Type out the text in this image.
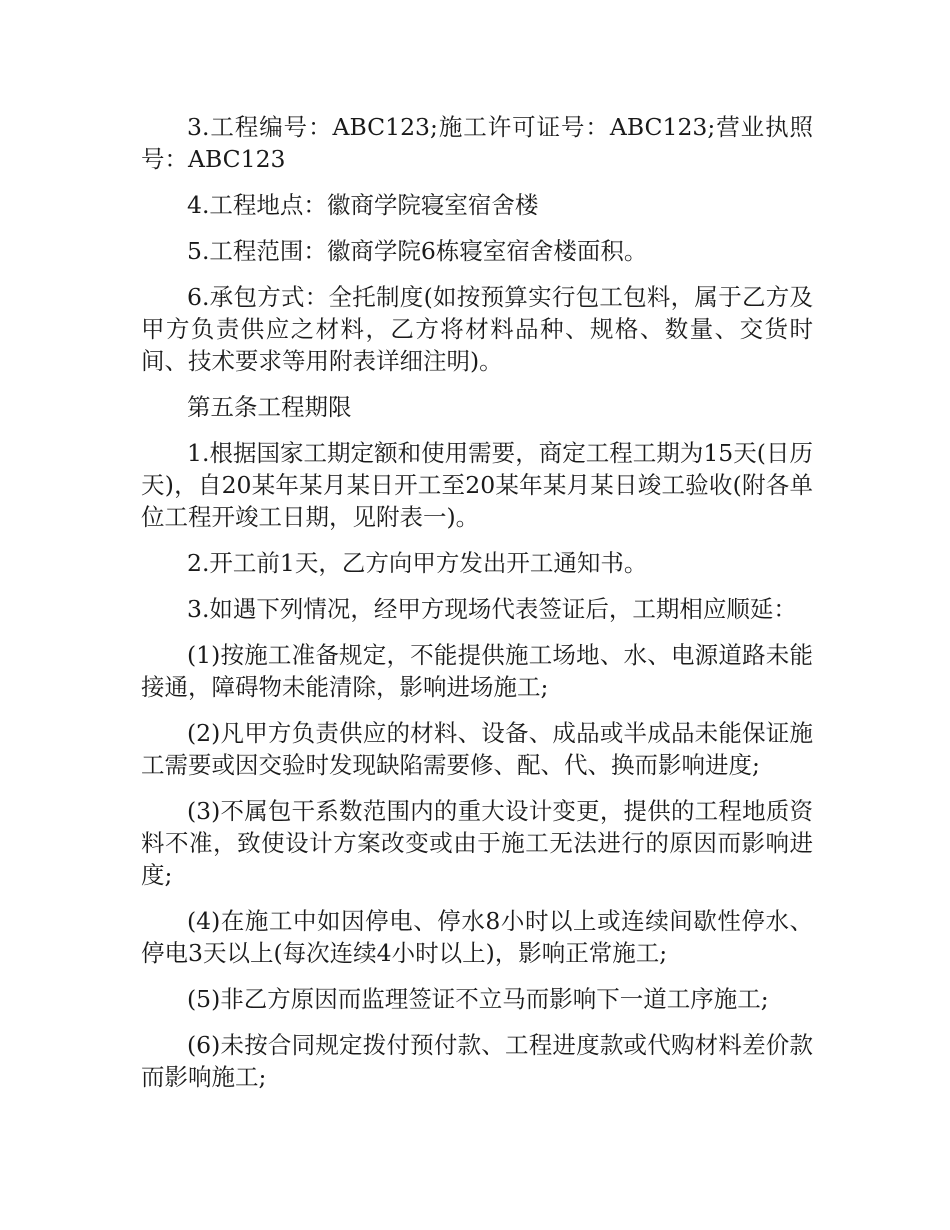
3.工程编号：ABC123;施工许可证号：ABC123;营业执照号：ABC123

4.工程地点：徽商学院寝室宿舍楼

5.工程范围：徽商学院6栋寝室宿舍楼面积。

6.承包方式：全托制度(如按预算实行包工包料，属于乙方及甲方负责供应之材料，乙方将材料品种、规格、数量、交货时间、技术要求等用附表详细注明)。

第五条工程期限

1.根据国家工期定额和使用需要，商定工程工期为15天(日历天)，自20某年某月某日开工至20某年某月某日竣工验收(附各单位工程开竣工日期，见附表一)。

2.开工前1天，乙方向甲方发出开工通知书。

3.如遇下列情况，经甲方现场代表签证后，工期相应顺延：

(1)按施工准备规定，不能提供施工场地、水、电源道路未能接通，障碍物未能清除，影响进场施工;

(2)凡甲方负责供应的材料、设备、成品或半成品未能保证施工需要或因交验时发现缺陷需要修、配、代、换而影响进度;

(3)不属包干系数范围内的重大设计变更，提供的工程地质资料不准，致使设计方案改变或由于施工无法进行的原因而影响进度;

(4)在施工中如因停电、停水8小时以上或连续间歇性停水、停电3天以上(每次连续4小时以上)，影响正常施工;

(5)非乙方原因而监理签证不立马而影响下一道工序施工;

(6)未按合同规定拨付预付款、工程进度款或代购材料差价款而影响施工;
